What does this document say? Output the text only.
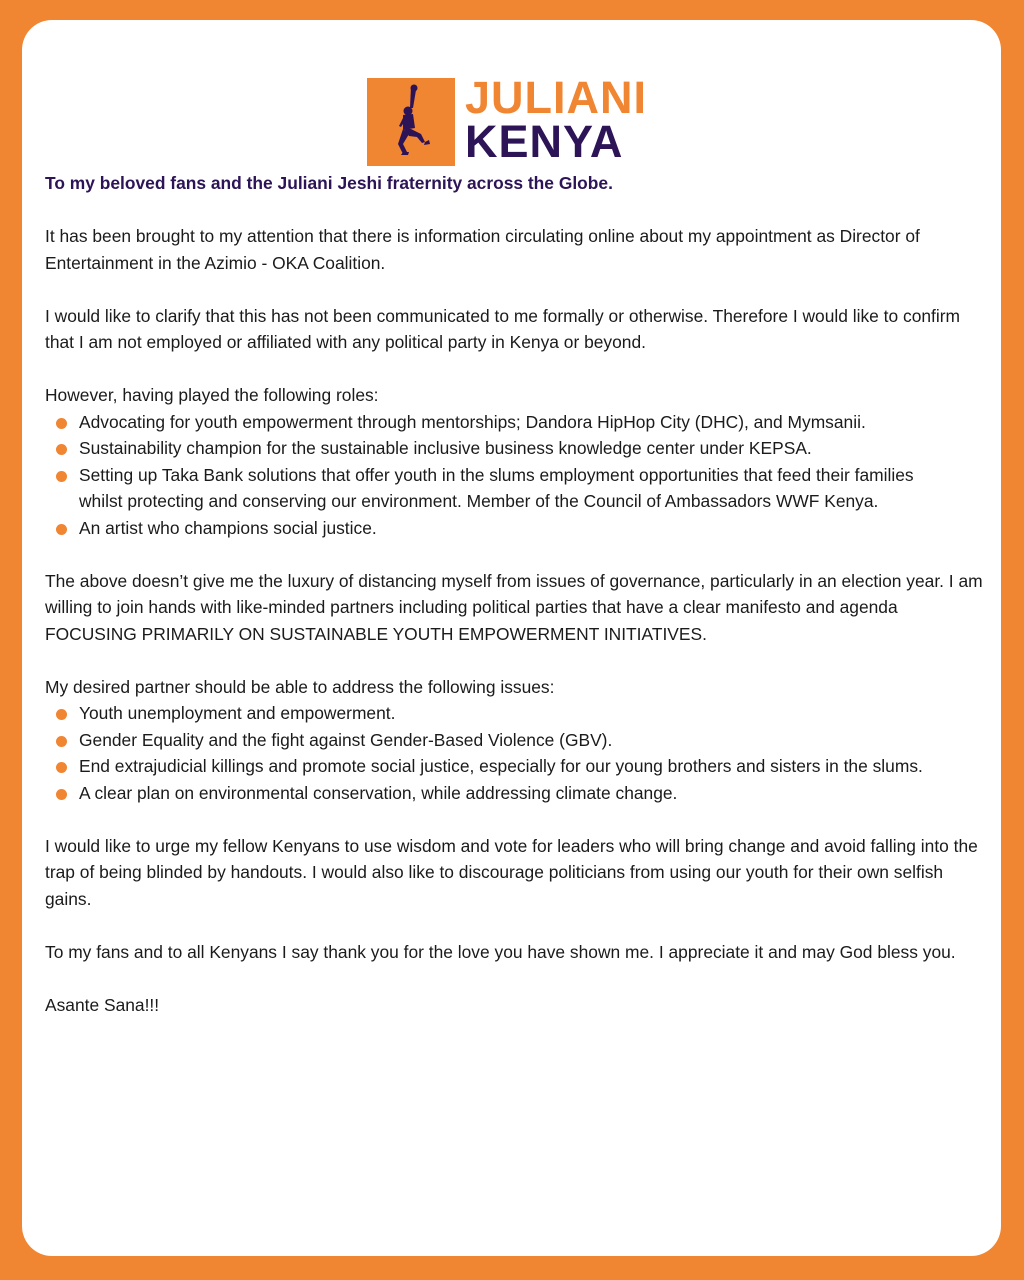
JULIANI
KENYA

To my beloved fans and the Juliani Jeshi fraternity across the Globe.

It has been brought to my attention that there is information circulating online about my appointment as Director of Entertainment in the Azimio - OKA Coalition.

I would like to clarify that this has not been communicated to me formally or otherwise. Therefore I would like to confirm that I am not employed or affiliated with any political party in Kenya or beyond.

However, having played the following roles:

Advocating for youth empowerment through mentorships; Dandora HipHop City (DHC), and Mymsanii.
Sustainability champion for the sustainable inclusive business knowledge center under KEPSA.
Setting up Taka Bank solutions that offer youth in the slums employment opportunities that feed their families whilst protecting and conserving our environment. Member of the Council of Ambassadors WWF Kenya.
An artist who champions social justice.

The above doesn’t give me the luxury of distancing myself from issues of governance, particularly in an election year. I am willing to join hands with like-minded partners including political parties that have a clear manifesto and agenda FOCUSING PRIMARILY ON SUSTAINABLE YOUTH EMPOWERMENT INITIATIVES.

My desired partner should be able to address the following issues:

Youth unemployment and empowerment.
Gender Equality and the fight against Gender-Based Violence (GBV).
End extrajudicial killings and promote social justice, especially for our young brothers and sisters in the slums.
A clear plan on environmental conservation, while addressing climate change.

I would like to urge my fellow Kenyans to use wisdom and vote for leaders who will bring change and avoid falling into the trap of being blinded by handouts. I would also like to discourage politicians from using our youth for their own selfish gains.

To my fans and to all Kenyans I say thank you for the love you have shown me. I appreciate it and may God bless you.

Asante Sana!!!
